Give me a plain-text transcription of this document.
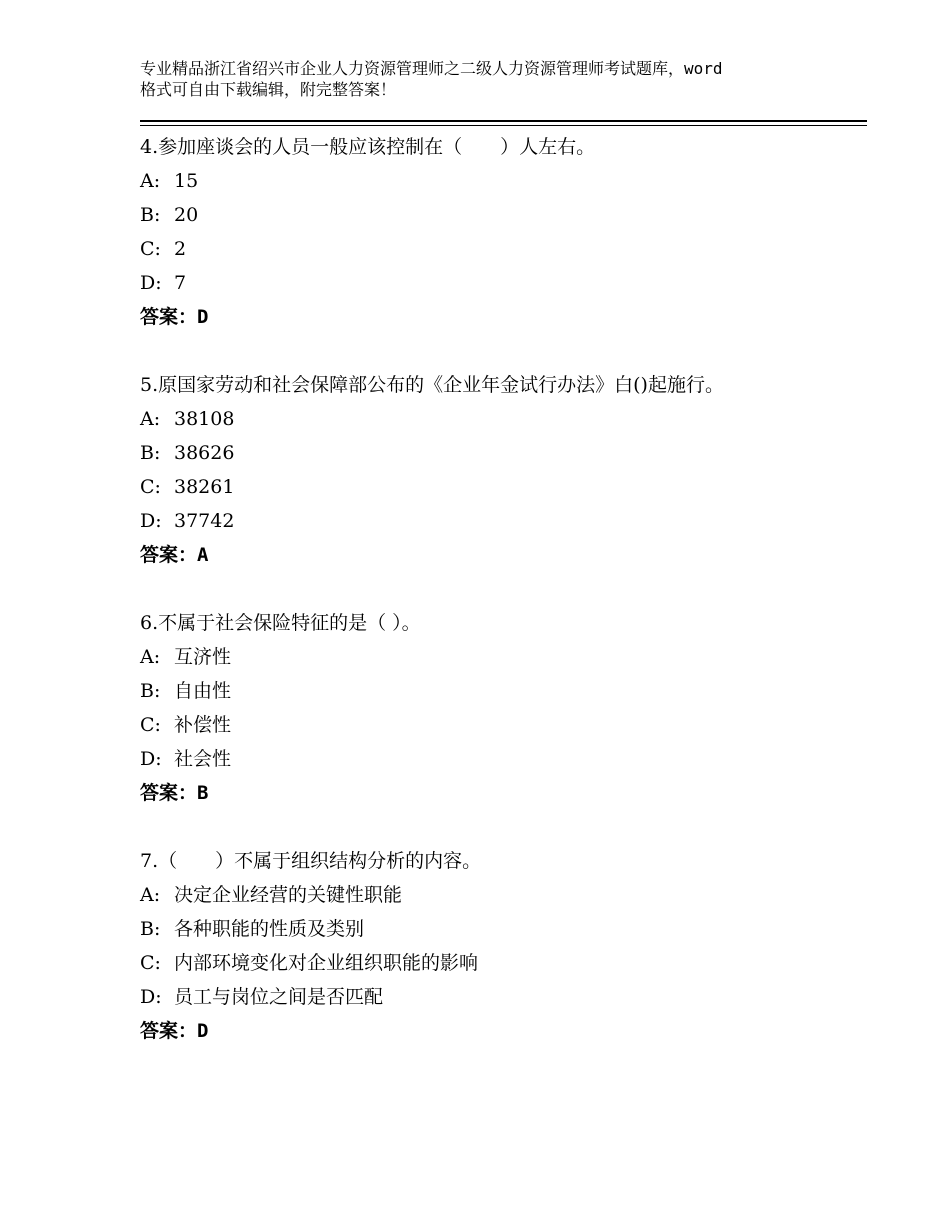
专业精品浙江省绍兴市企业人力资源管理师之二级人力资源管理师考试题库，word
格式可自由下载编辑，附完整答案！

4.参加座谈会的人员一般应该控制在（　　）人左右。

A: 15

B: 20

C: 2

D: 7

答案：D

5.原国家劳动和社会保障部公布的《企业年金试行办法》白()起施行。

A: 38108

B: 38626

C: 38261

D: 37742

答案：A

6.不属于社会保险特征的是（ ）。

A: 互济性

B: 自由性

C: 补偿性

D: 社会性

答案：B

7.（　　）不属于组织结构分析的内容。

A: 决定企业经营的关键性职能

B: 各种职能的性质及类别

C: 内部环境变化对企业组织职能的影响

D: 员工与岗位之间是否匹配

答案：D
